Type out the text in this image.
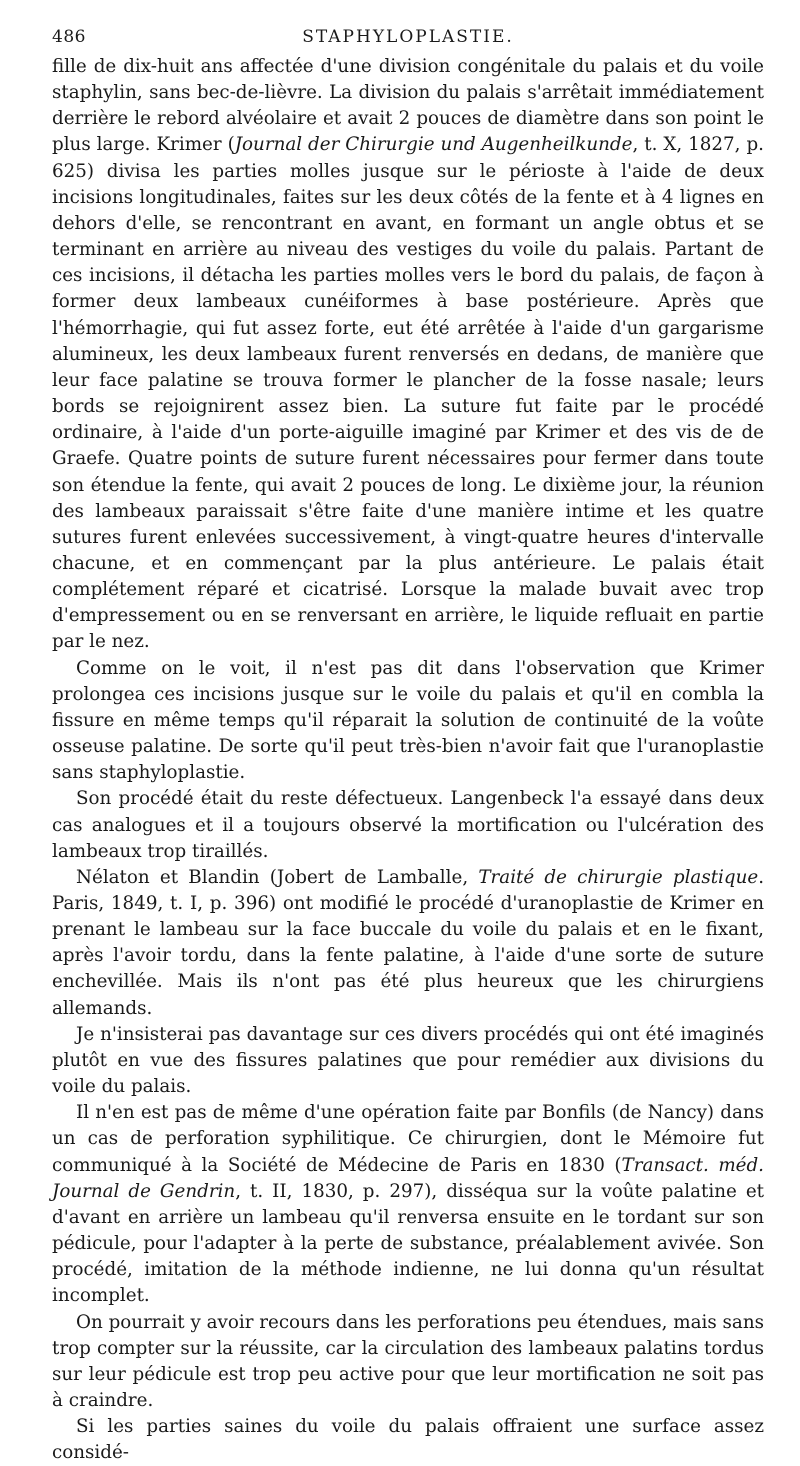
486	STAPHYLOPLASTIE.

fille de dix-huit ans affectée d'une division congénitale du palais et du voile staphylin, sans bec-de-lièvre. La division du palais s'arrêtait immédiatement derrière le rebord alvéolaire et avait 2 pouces de diamètre dans son point le plus large. Krimer (Journal der Chirurgie und Augenheilkunde, t. X, 1827, p. 625) divisa les parties molles jusque sur le périoste à l'aide de deux incisions longitudinales, faites sur les deux côtés de la fente et à 4 lignes en dehors d'elle, se rencontrant en avant, en formant un angle obtus et se terminant en arrière au niveau des vestiges du voile du palais. Partant de ces incisions, il détacha les parties molles vers le bord du palais, de façon à former deux lambeaux cunéiformes à base postérieure. Après que l'hémorrhagie, qui fut assez forte, eut été arrêtée à l'aide d'un gargarisme alumineux, les deux lambeaux furent renversés en dedans, de manière que leur face palatine se trouva former le plancher de la fosse nasale; leurs bords se rejoignirent assez bien. La suture fut faite par le procédé ordinaire, à l'aide d'un porte-aiguille imaginé par Krimer et des vis de de Graefe. Quatre points de suture furent nécessaires pour fermer dans toute son étendue la fente, qui avait 2 pouces de long. Le dixième jour, la réunion des lambeaux paraissait s'être faite d'une manière intime et les quatre sutures furent enlevées successivement, à vingt-quatre heures d'intervalle chacune, et en commençant par la plus antérieure. Le palais était complétement réparé et cicatrisé. Lorsque la malade buvait avec trop d'empressement ou en se renversant en arrière, le liquide refluait en partie par le nez.

Comme on le voit, il n'est pas dit dans l'observation que Krimer prolongea ces incisions jusque sur le voile du palais et qu'il en combla la fissure en même temps qu'il réparait la solution de continuité de la voûte osseuse palatine. De sorte qu'il peut très-bien n'avoir fait que l'uranoplastie sans staphyloplastie.

Son procédé était du reste défectueux. Langenbeck l'a essayé dans deux cas analogues et il a toujours observé la mortification ou l'ulcération des lambeaux trop tiraillés.

Nélaton et Blandin (Jobert de Lamballe, Traité de chirurgie plastique. Paris, 1849, t. I, p. 396) ont modifié le procédé d'uranoplastie de Krimer en prenant le lambeau sur la face buccale du voile du palais et en le fixant, après l'avoir tordu, dans la fente palatine, à l'aide d'une sorte de suture enchevillée. Mais ils n'ont pas été plus heureux que les chirurgiens allemands.

Je n'insisterai pas davantage sur ces divers procédés qui ont été imaginés plutôt en vue des fissures palatines que pour remédier aux divisions du voile du palais.

Il n'en est pas de même d'une opération faite par Bonfils (de Nancy) dans un cas de perforation syphilitique. Ce chirurgien, dont le Mémoire fut communiqué à la Société de Médecine de Paris en 1830 (Transact. méd. Journal de Gendrin, t. II, 1830, p. 297), disséqua sur la voûte palatine et d'avant en arrière un lambeau qu'il renversa ensuite en le tordant sur son pédicule, pour l'adapter à la perte de substance, préalablement avivée. Son procédé, imitation de la méthode indienne, ne lui donna qu'un résultat incomplet.

On pourrait y avoir recours dans les perforations peu étendues, mais sans trop compter sur la réussite, car la circulation des lambeaux palatins tordus sur leur pédicule est trop peu active pour que leur mortification ne soit pas à craindre.

Si les parties saines du voile du palais offraient une surface assez considé-
